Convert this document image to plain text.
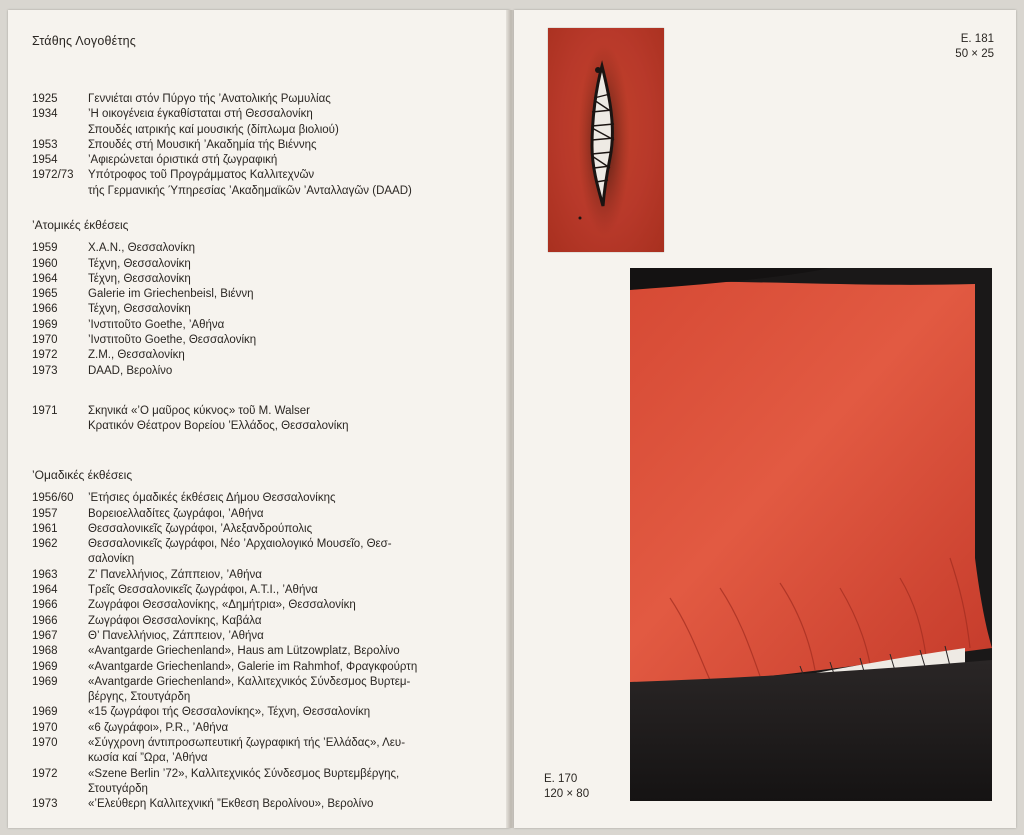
Στάθης Λογοθέτης
1925	Γεννιέται στόν Πύργο τής ’Ανατολικής Ρωμυλίας
1934	’Η οικογένεια έγκαθίσταται στή Θεσσαλονίκη
Σπουδές ιατρικής καί μουσικής (δίπλωμα βιολιού)
1953	Σπουδές στή Μουσική ’Ακαδημία τής Βιέννης
1954	’Αφιερώνεται όριστικά στή ζωγραφική
1972/73	Υπότροφος τοῦ Προγράμματος Καλλιτεχνῶν
τής Γερμανικής Ύπηρεσίας ’Ακαδημαϊκῶν ’Ανταλλαγῶν (DAAD)
’Ατομικές έκθέσεις
1959	Χ.Α.Ν., Θεσσαλονίκη
1960	Τέχνη, Θεσσαλονίκη
1964	Τέχνη, Θεσσαλονίκη
1965	Galerie im Griechenbeisl, Βιέννη
1966	Τέχνη, Θεσσαλονίκη
1969	’Ινστιτοῦτο Goethe, ’Αθήνα
1970	’Ινστιτοῦτο Goethe, Θεσσαλονίκη
1972	Ζ.Μ., Θεσσαλονίκη
1973	DAAD, Βερολίνο
1971	Σκηνικά «’Ο μαῦρος κύκνος» τοῦ M. Walser
Κρατικόν Θέατρον Βορείου ’Ελλάδος, Θεσσαλονίκη
’Ομαδικές έκθέσεις
1956/60	’Ετήσιες όμαδικές έκθέσεις Δήμου Θεσσαλονίκης
1957	Βορειοελλαδίτες ζωγράφοι, ’Αθήνα
1961	Θεσσαλονικεῖς ζωγράφοι, ’Αλεξανδρούπολις
1962	Θεσσαλονικεῖς ζωγράφοι, Νέο ’Αρχαιολογικό Μουσεῖο, Θεσ-
σαλονίκη
1963	Ζ’ Πανελλήνιος, Ζάππειον, ’Αθήνα
1964	Τρεῖς Θεσσαλονικεῖς ζωγράφοι, Α.Τ.Ι., ’Αθήνα
1966	Ζωγράφοι Θεσσαλονίκης, «Δημήτρια», Θεσσαλονίκη
1966	Ζωγράφοι Θεσσαλονίκης, Καβάλα
1967	Θ’ Πανελλήνιος, Ζάππειον, ’Αθήνα
1968	«Avantgarde Griechenland», Haus am Lützowplatz, Βερολίνο
1969	«Avantgarde Griechenland», Galerie im Rahmhof, Φραγκφούρτη
1969	«Avantgarde Griechenland», Καλλιτεχνικός Σύνδεσμος Βυρτεμ-
βέργης, Στουτγάρδη
1969	«15 ζωγράφοι τής Θεσσαλονίκης», Τέχνη, Θεσσαλονίκη
1970	«6 ζωγράφοι», P.R., ’Αθήνα
1970	«Σύγχρονη άντιπροσωπευτική ζωγραφική τής ’Ελλάδας», Λευ-
κωσία καί ”Ωρα, ’Αθήνα
1972	«Szene Berlin ’72», Καλλιτεχνικός Σύνδεσμος Βυρτεμβέργης,
Στουτγάρδη
1973	«’Ελεύθερη Καλλιτεχνική ”Εκθεση Βερολίνου», Βερολίνο
Ε. 181
50 × 25
Ε. 170
120 × 80
